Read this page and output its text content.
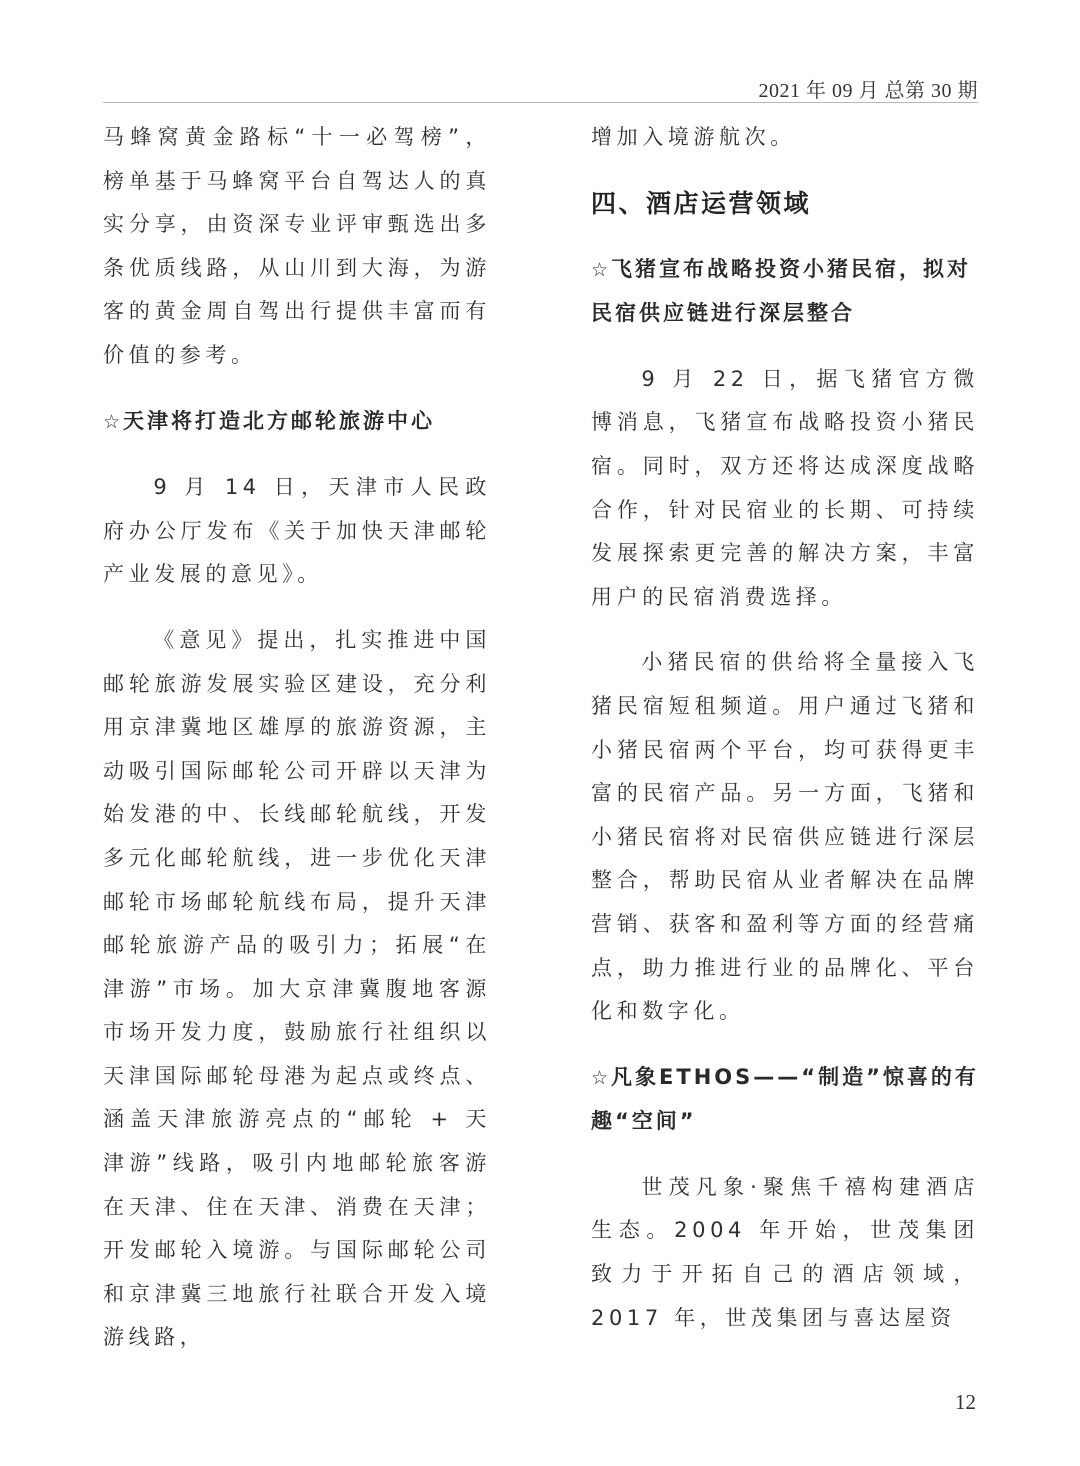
2021 年 09 月 总第 30 期

马蜂窝黄金路标“十一必驾榜”，榜单基于马蜂窝平台自驾达人的真实分享，由资深专业评审甄选出多条优质线路，从山川到大海，为游客的黄金周自驾出行提供丰富而有价值的参考。

☆天津将打造北方邮轮旅游中心

9 月 14 日，天津市人民政府办公厅发布《关于加快天津邮轮产业发展的意见》。

《意见》提出，扎实推进中国邮轮旅游发展实验区建设，充分利用京津冀地区雄厚的旅游资源，主动吸引国际邮轮公司开辟以天津为始发港的中、长线邮轮航线，开发多元化邮轮航线，进一步优化天津邮轮市场邮轮航线布局，提升天津邮轮旅游产品的吸引力；拓展“在津游”市场。加大京津冀腹地客源市场开发力度，鼓励旅行社组织以天津国际邮轮母港为起点或终点、涵盖天津旅游亮点的“邮轮 + 天津游”线路，吸引内地邮轮旅客游在天津、住在天津、消费在天津；开发邮轮入境游。与国际邮轮公司和京津冀三地旅行社联合开发入境游线路，

增加入境游航次。

四、酒店运营领域

☆飞猪宣布战略投资小猪民宿，拟对民宿供应链进行深层整合

9 月 22 日，据飞猪官方微博消息，飞猪宣布战略投资小猪民宿。同时，双方还将达成深度战略合作，针对民宿业的长期、可持续发展探索更完善的解决方案，丰富用户的民宿消费选择。

小猪民宿的供给将全量接入飞猪民宿短租频道。用户通过飞猪和小猪民宿两个平台，均可获得更丰富的民宿产品。另一方面，飞猪和小猪民宿将对民宿供应链进行深层整合，帮助民宿从业者解决在品牌营销、获客和盈利等方面的经营痛点，助力推进行业的品牌化、平台化和数字化。

☆凡象ETHOS——“制造”惊喜的有趣“空间”

世茂凡象·聚焦千禧构建酒店生态。2004 年开始，世茂集团致力于开拓自己的酒店领域，2017 年，世茂集团与喜达屋资

12
